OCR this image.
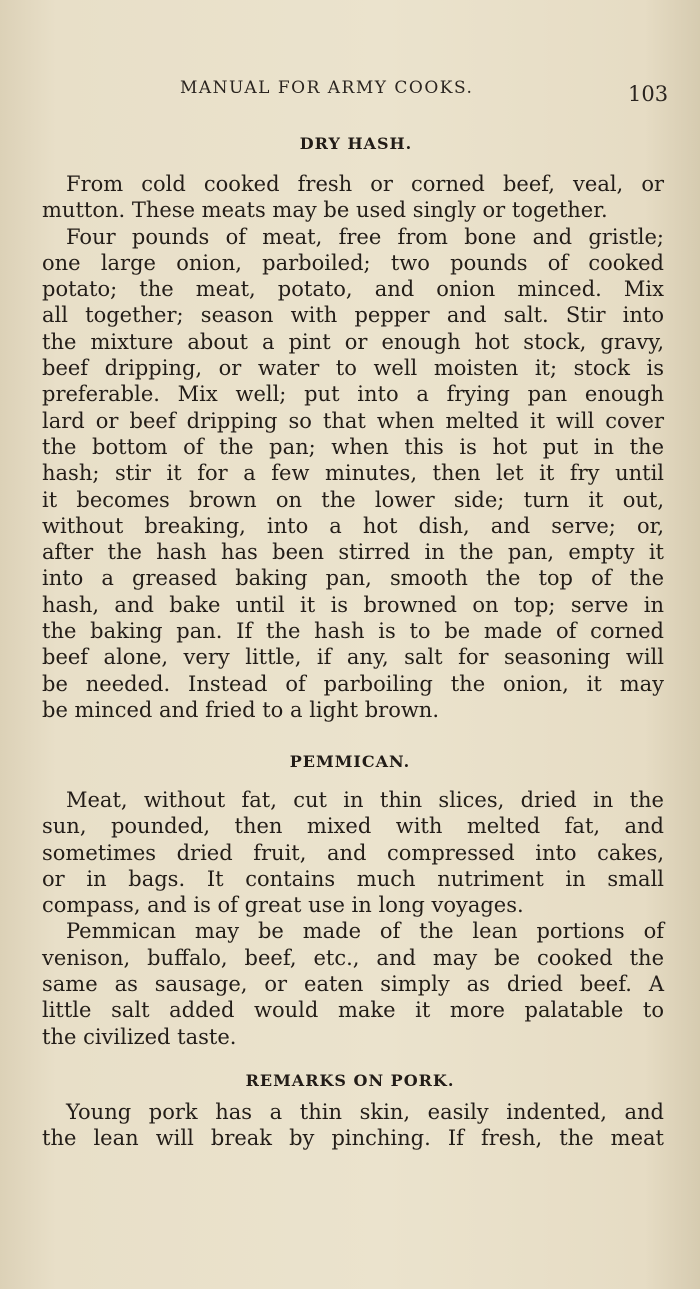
MANUAL FOR ARMY COOKS.	103
DRY HASH.
From cold cooked fresh or corned beef, veal, or
mutton. These meats may be used singly or together.
Four pounds of meat, free from bone and gristle;
one large onion, parboiled; two pounds of cooked
potato; the meat, potato, and onion minced. Mix
all together; season with pepper and salt. Stir into
the mixture about a pint or enough hot stock, gravy,
beef dripping, or water to well moisten it; stock is
preferable. Mix well; put into a frying pan enough
lard or beef dripping so that when melted it will cover
the bottom of the pan; when this is hot put in the
hash; stir it for a few minutes, then let it fry until
it becomes brown on the lower side; turn it out,
without breaking, into a hot dish, and serve; or,
after the hash has been stirred in the pan, empty it
into a greased baking pan, smooth the top of the
hash, and bake until it is browned on top; serve in
the baking pan. If the hash is to be made of corned
beef alone, very little, if any, salt for seasoning will
be needed. Instead of parboiling the onion, it may
be minced and fried to a light brown.
PEMMICAN.
Meat, without fat, cut in thin slices, dried in the
sun, pounded, then mixed with melted fat, and
sometimes dried fruit, and compressed into cakes,
or in bags. It contains much nutriment in small
compass, and is of great use in long voyages.
Pemmican may be made of the lean portions of
venison, buffalo, beef, etc., and may be cooked the
same as sausage, or eaten simply as dried beef. A
little salt added would make it more palatable to
the civilized taste.
REMARKS ON PORK.
Young pork has a thin skin, easily indented, and
the lean will break by pinching. If fresh, the meat
